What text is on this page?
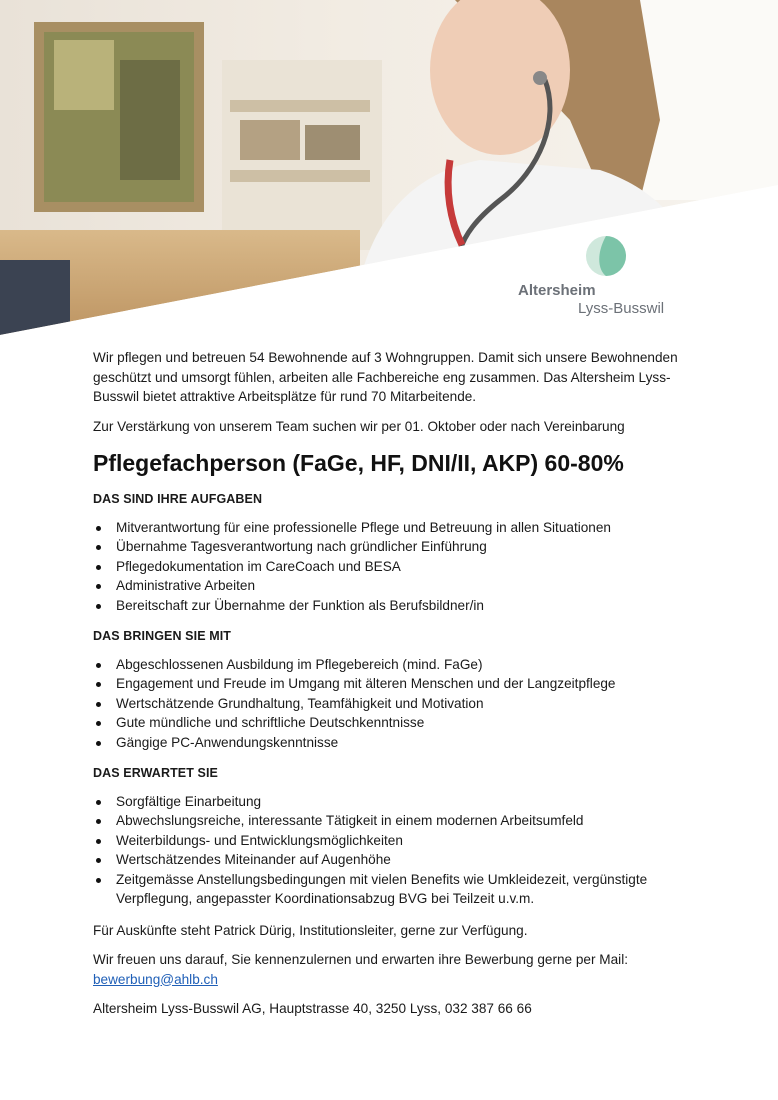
Altersheim
Lyss-Busswil

Wir pflegen und betreuen 54 Bewohnende auf 3 Wohngruppen. Damit sich unsere Bewohnenden geschützt und umsorgt fühlen, arbeiten alle Fachbereiche eng zusammen. Das Altersheim Lyss-Busswil bietet attraktive Arbeitsplätze für rund 70 Mitarbeitende.

Zur Verstärkung von unserem Team suchen wir per 01. Oktober oder nach Vereinbarung

Pflegefachperson (FaGe, HF, DNI/II, AKP) 60-80%
DAS SIND IHRE AUFGABEN
Mitverantwortung für eine professionelle Pflege und Betreuung in allen Situationen
Übernahme Tagesverantwortung nach gründlicher Einführung
Pflegedokumentation im CareCoach und BESA
Administrative Arbeiten
Bereitschaft zur Übernahme der Funktion als Berufsbildner/in
DAS BRINGEN SIE MIT
Abgeschlossenen Ausbildung im Pflegebereich (mind. FaGe)
Engagement und Freude im Umgang mit älteren Menschen und der Langzeitpflege
Wertschätzende Grundhaltung, Teamfähigkeit und Motivation
Gute mündliche und schriftliche Deutschkenntnisse
Gängige PC-Anwendungskenntnisse
DAS ERWARTET SIE
Sorgfältige Einarbeitung
Abwechslungsreiche, interessante Tätigkeit in einem modernen Arbeitsumfeld
Weiterbildungs- und Entwicklungsmöglichkeiten
Wertschätzendes Miteinander auf Augenhöhe
Zeitgemässe Anstellungsbedingungen mit vielen Benefits wie Umkleidezeit, vergünstigte Verpflegung, angepasster Koordinationsabzug BVG bei Teilzeit u.v.m.

Für Auskünfte steht Patrick Dürig, Institutionsleiter, gerne zur Verfügung.

Wir freuen uns darauf, Sie kennenzulernen und erwarten ihre Bewerbung gerne per Mail:
bewerbung@ahlb.ch

Altersheim Lyss-Busswil AG, Hauptstrasse 40, 3250 Lyss, 032 387 66 66
